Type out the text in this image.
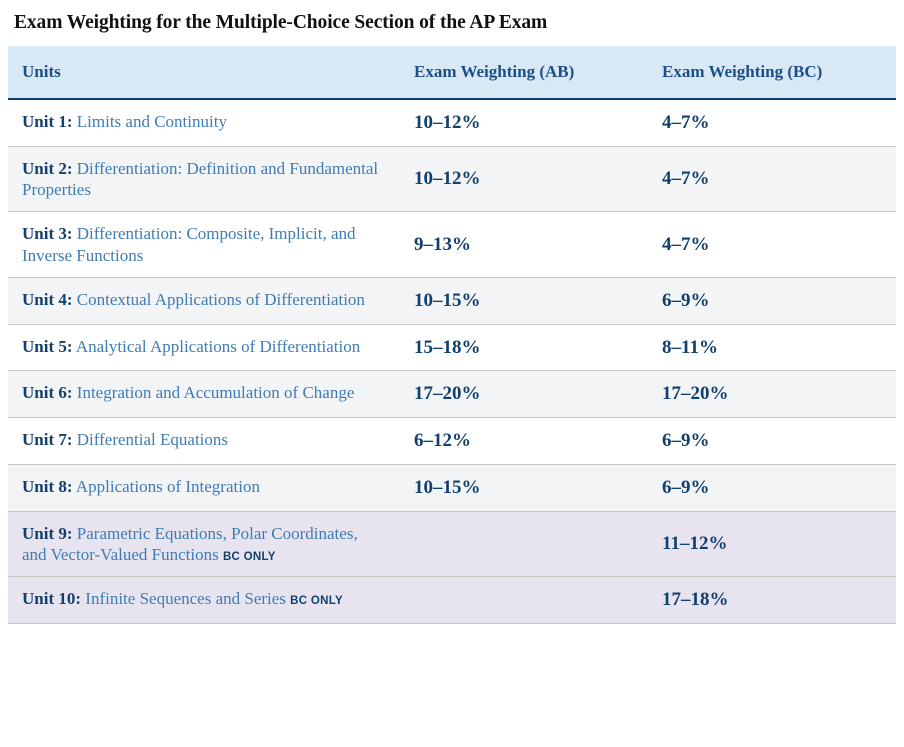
Exam Weighting for the Multiple-Choice Section of the AP Exam
Units	Exam Weighting (AB)	Exam Weighting (BC)
Unit 1: Limits and Continuity	10–12%	4–7%
Unit 2: Differentiation: Definition and Fundamental Properties	10–12%	4–7%
Unit 3: Differentiation: Composite, Implicit, and Inverse Functions	9–13%	4–7%
Unit 4: Contextual Applications of Differentiation	10–15%	6–9%
Unit 5: Analytical Applications of Differentiation	15–18%	8–11%
Unit 6: Integration and Accumulation of Change	17–20%	17–20%
Unit 7: Differential Equations	6–12%	6–9%
Unit 8: Applications of Integration	10–15%	6–9%
Unit 9: Parametric Equations, Polar Coordinates, and Vector-Valued Functions BC ONLY		11–12%
Unit 10: Infinite Sequences and Series BC ONLY		17–18%
